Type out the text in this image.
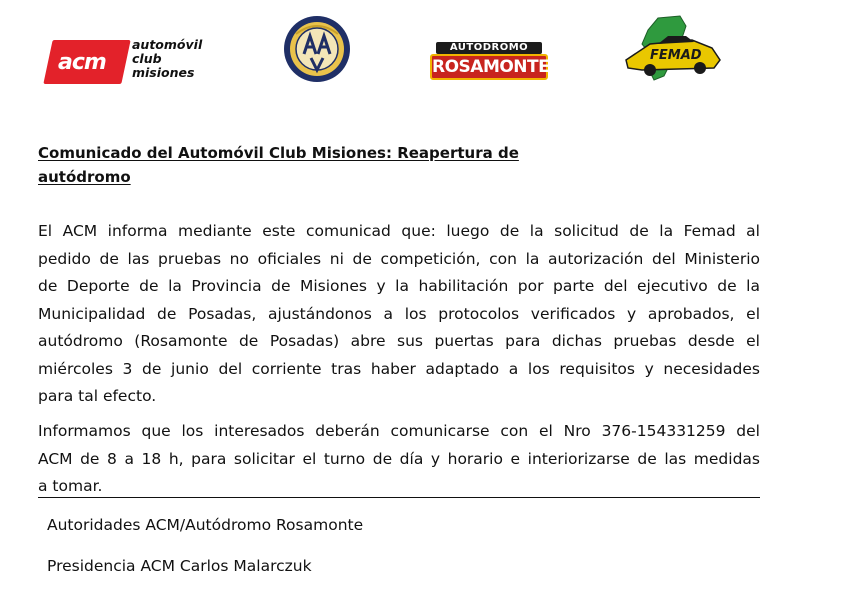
acm
automóvil
club
misiones
AUTODROMO
ROSAMONTE
FEMAD
Comunicado del Automóvil Club Misiones: Reapertura de
autódromo

El ACM informa mediante este comunicad que: luego de la solicitud de la Femad al
pedido de las pruebas no oficiales ni de competición, con la autorización del Ministerio
de Deporte de la Provincia de Misiones y la habilitación por parte del ejecutivo de la
Municipalidad de Posadas, ajustándonos a los protocolos verificados y aprobados, el
autódromo (Rosamonte de Posadas) abre sus puertas para dichas pruebas desde el
miércoles 3 de junio del corriente tras haber adaptado a los requisitos y necesidades
para tal efecto.

Informamos que los interesados deberán comunicarse con el Nro 376-154331259 del
ACM de 8 a 18 h, para solicitar el turno de día y horario e interiorizarse de las medidas
a tomar.

Autoridades ACM/Autódromo Rosamonte
Presidencia ACM Carlos Malarczuk
